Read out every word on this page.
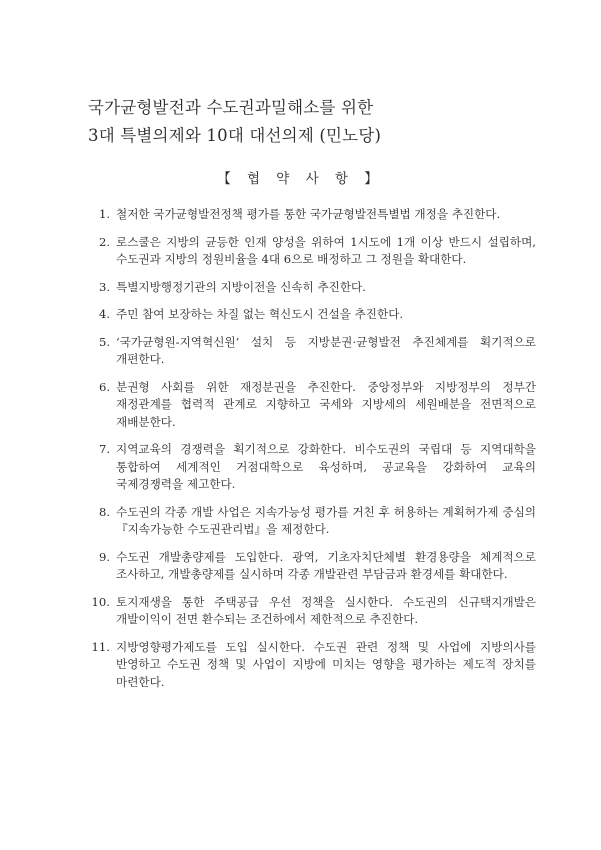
국가균형발전과 수도권과밀해소를 위한
3대 특별의제와 10대 대선의제 (민노당)
【 협 약 사 항 】
1. 철저한 국가균형발전정책 평가를 통한 국가균형발전특별법 개정을 추진한다.
2. 로스쿨은 지방의 균등한 인재 양성을 위하여 1시도에 1개 이상 반드시 설립하며, 수도권과 지방의 정원비율을 4대 6으로 배정하고 그 정원을 확대한다.
3. 특별지방행정기관의 지방이전을 신속히 추진한다.
4. 주민 참여 보장하는 차질 없는 혁신도시 건설을 추진한다.
5. ‘국가균형원-지역혁신원’ 설치 등 지방분권·균형발전 추진체계를 획기적으로 개편한다.
6. 분권형 사회를 위한 재정분권을 추진한다. 중앙정부와 지방정부의 정부간 재정관계를 협력적 관계로 지향하고 국세와 지방세의 세원배분을 전면적으로 재배분한다.
7. 지역교육의 경쟁력을 획기적으로 강화한다. 비수도권의 국립대 등 지역대학을 통합하여 세계적인 거점대학으로 육성하며, 공교육을 강화하여 교육의 국제경쟁력을 제고한다.
8. 수도권의 각종 개발 사업은 지속가능성 평가를 거친 후 허용하는 계획허가제 중심의 『지속가능한 수도권관리법』을 제정한다.
9. 수도권 개발총량제를 도입한다. 광역, 기초자치단체별 환경용량을 체계적으로 조사하고, 개발총량제를 실시하며 각종 개발관련 부담금과 환경세를 확대한다.
10. 토지재생을 통한 주택공급 우선 정책을 실시한다. 수도권의 신규택지개발은 개발이익이 전면 환수되는 조건하에서 제한적으로 추진한다.
11. 지방영향평가제도를 도입 실시한다. 수도권 관련 정책 및 사업에 지방의사를 반영하고 수도권 정책 및 사업이 지방에 미치는 영향을 평가하는 제도적 장치를 마련한다.
